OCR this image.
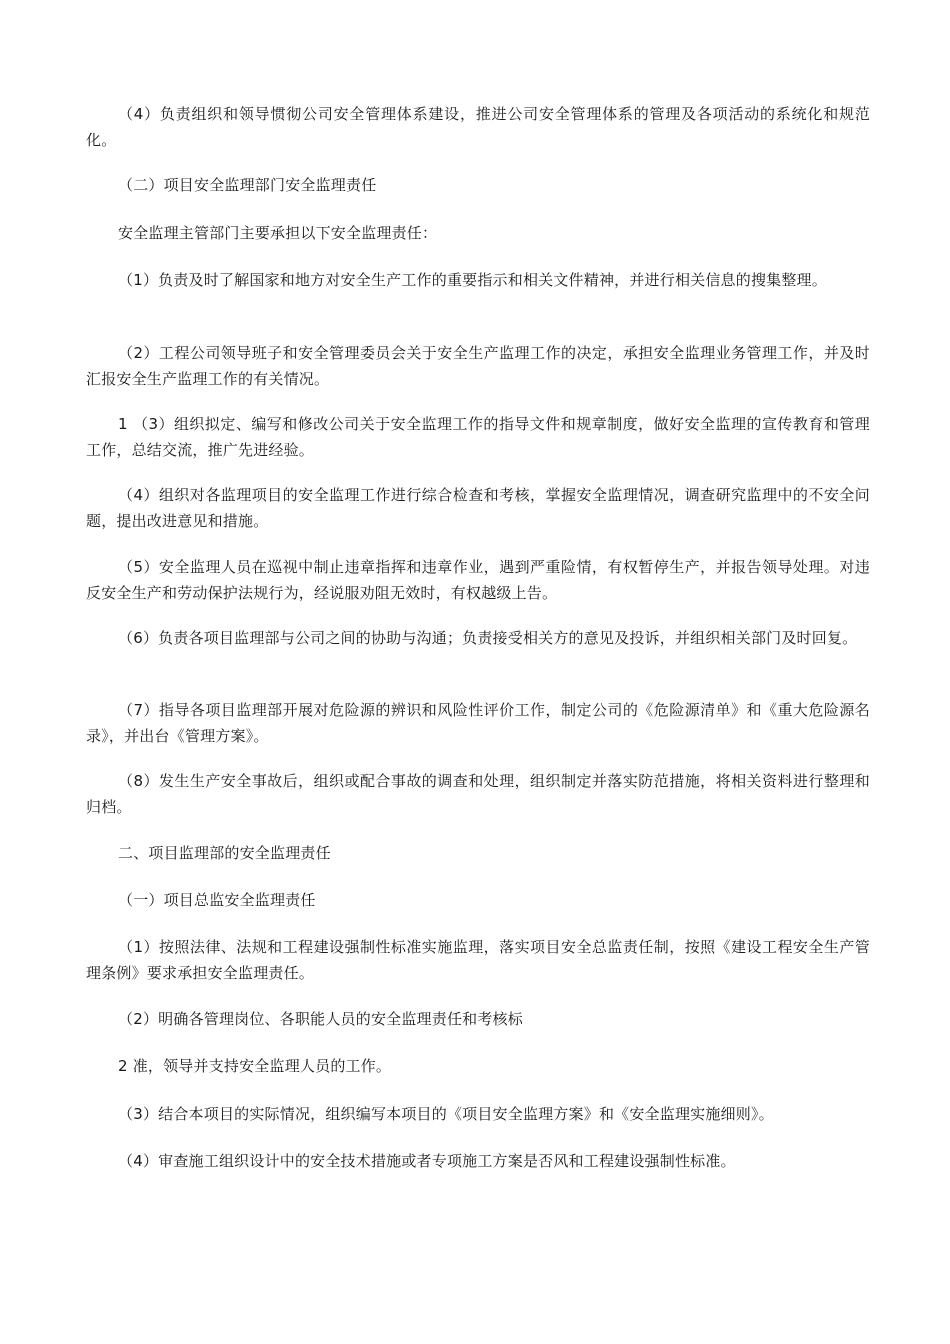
（4）负责组织和领导惯彻公司安全管理体系建设，推进公司安全管理体系的管理及各项活动的系统化和规范化。

（二）项目安全监理部门安全监理责任

安全监理主管部门主要承担以下安全监理责任：

（1）负责及时了解国家和地方对安全生产工作的重要指示和相关文件精神，并进行相关信息的搜集整理。

（2）工程公司领导班子和安全管理委员会关于安全生产监理工作的决定，承担安全监理业务管理工作，并及时汇报安全生产监理工作的有关情况。

1 （3）组织拟定、编写和修改公司关于安全监理工作的指导文件和规章制度，做好安全监理的宣传教育和管理工作，总结交流，推广先进经验。

（4）组织对各监理项目的安全监理工作进行综合检查和考核，掌握安全监理情况，调查研究监理中的不安全问题，提出改进意见和措施。

（5）安全监理人员在巡视中制止违章指挥和违章作业，遇到严重险情，有权暂停生产，并报告领导处理。对违反安全生产和劳动保护法规行为，经说服劝阻无效时，有权越级上告。

（6）负责各项目监理部与公司之间的协助与沟通；负责接受相关方的意见及投诉，并组织相关部门及时回复。

（7）指导各项目监理部开展对危险源的辨识和风险性评价工作，制定公司的《危险源清单》和《重大危险源名录》，并出台《管理方案》。

（8）发生生产安全事故后，组织或配合事故的调查和处理，组织制定并落实防范措施，将相关资料进行整理和归档。

二、项目监理部的安全监理责任

（一）项目总监安全监理责任

（1）按照法律、法规和工程建设强制性标准实施监理，落实项目安全总监责任制，按照《建设工程安全生产管理条例》要求承担安全监理责任。

（2）明确各管理岗位、各职能人员的安全监理责任和考核标

2 准，领导并支持安全监理人员的工作。

（3）结合本项目的实际情况，组织编写本项目的《项目安全监理方案》和《安全监理实施细则》。

（4）审查施工组织设计中的安全技术措施或者专项施工方案是否风和工程建设强制性标准。
